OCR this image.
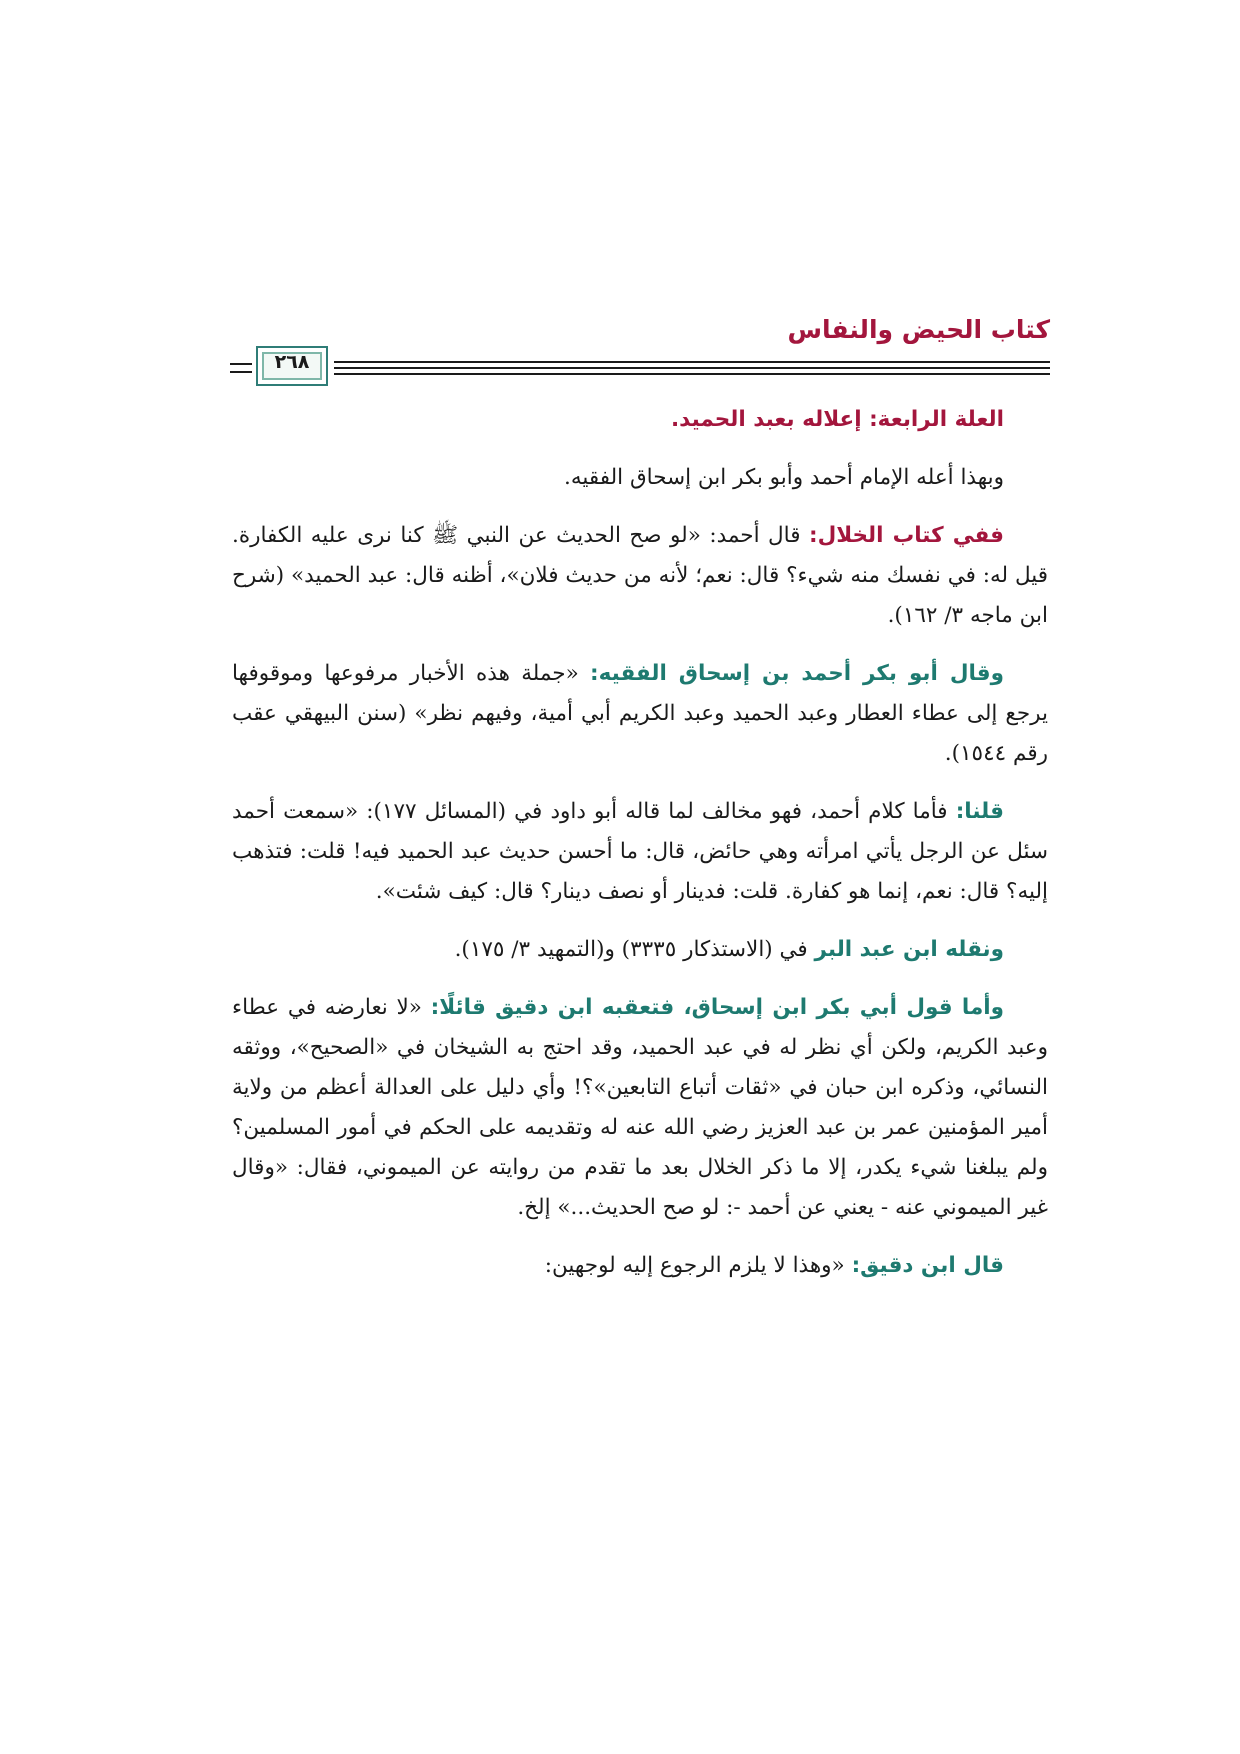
كتاب الحيض والنفاس
٢٦٨

العلة الرابعة: إعلاله بعبد الحميد.

وبهذا أعله الإمام أحمد وأبو بكر ابن إسحاق الفقيه.

ففي كتاب الخلال: قال أحمد: «لو صح الحديث عن النبي ﷺ كنا نرى عليه الكفارة. قيل له: في نفسك منه شيء؟ قال: نعم؛ لأنه من حديث فلان»، أظنه قال: عبد الحميد» (شرح ابن ماجه ٣/ ١٦٢).

وقال أبو بكر أحمد بن إسحاق الفقيه: «جملة هذه الأخبار مرفوعها وموقوفها يرجع إلى عطاء العطار وعبد الحميد وعبد الكريم أبي أمية، وفيهم نظر» (سنن البيهقي عقب رقم ١٥٤٤).

قلنا: فأما كلام أحمد، فهو مخالف لما قاله أبو داود في (المسائل ١٧٧): «سمعت أحمد سئل عن الرجل يأتي امرأته وهي حائض، قال: ما أحسن حديث عبد الحميد فيه! قلت: فتذهب إليه؟ قال: نعم، إنما هو كفارة. قلت: فدينار أو نصف دينار؟ قال: كيف شئت».

ونقله ابن عبد البر في (الاستذكار ٣٣٣٥) و(التمهيد ٣/ ١٧٥).

وأما قول أبي بكر ابن إسحاق، فتعقبه ابن دقيق قائلًا: «لا نعارضه في عطاء وعبد الكريم، ولكن أي نظر له في عبد الحميد، وقد احتج به الشيخان في «الصحيح»، ووثقه النسائي، وذكره ابن حبان في «ثقات أتباع التابعين»؟! وأي دليل على العدالة أعظم من ولاية أمير المؤمنين عمر بن عبد العزيز رضي الله عنه له وتقديمه على الحكم في أمور المسلمين؟ ولم يبلغنا شيء يكدر، إلا ما ذكر الخلال بعد ما تقدم من روايته عن الميموني، فقال: «وقال غير الميموني عنه - يعني عن أحمد -: لو صح الحديث...» إلخ.

قال ابن دقيق: «وهذا لا يلزم الرجوع إليه لوجهين:
